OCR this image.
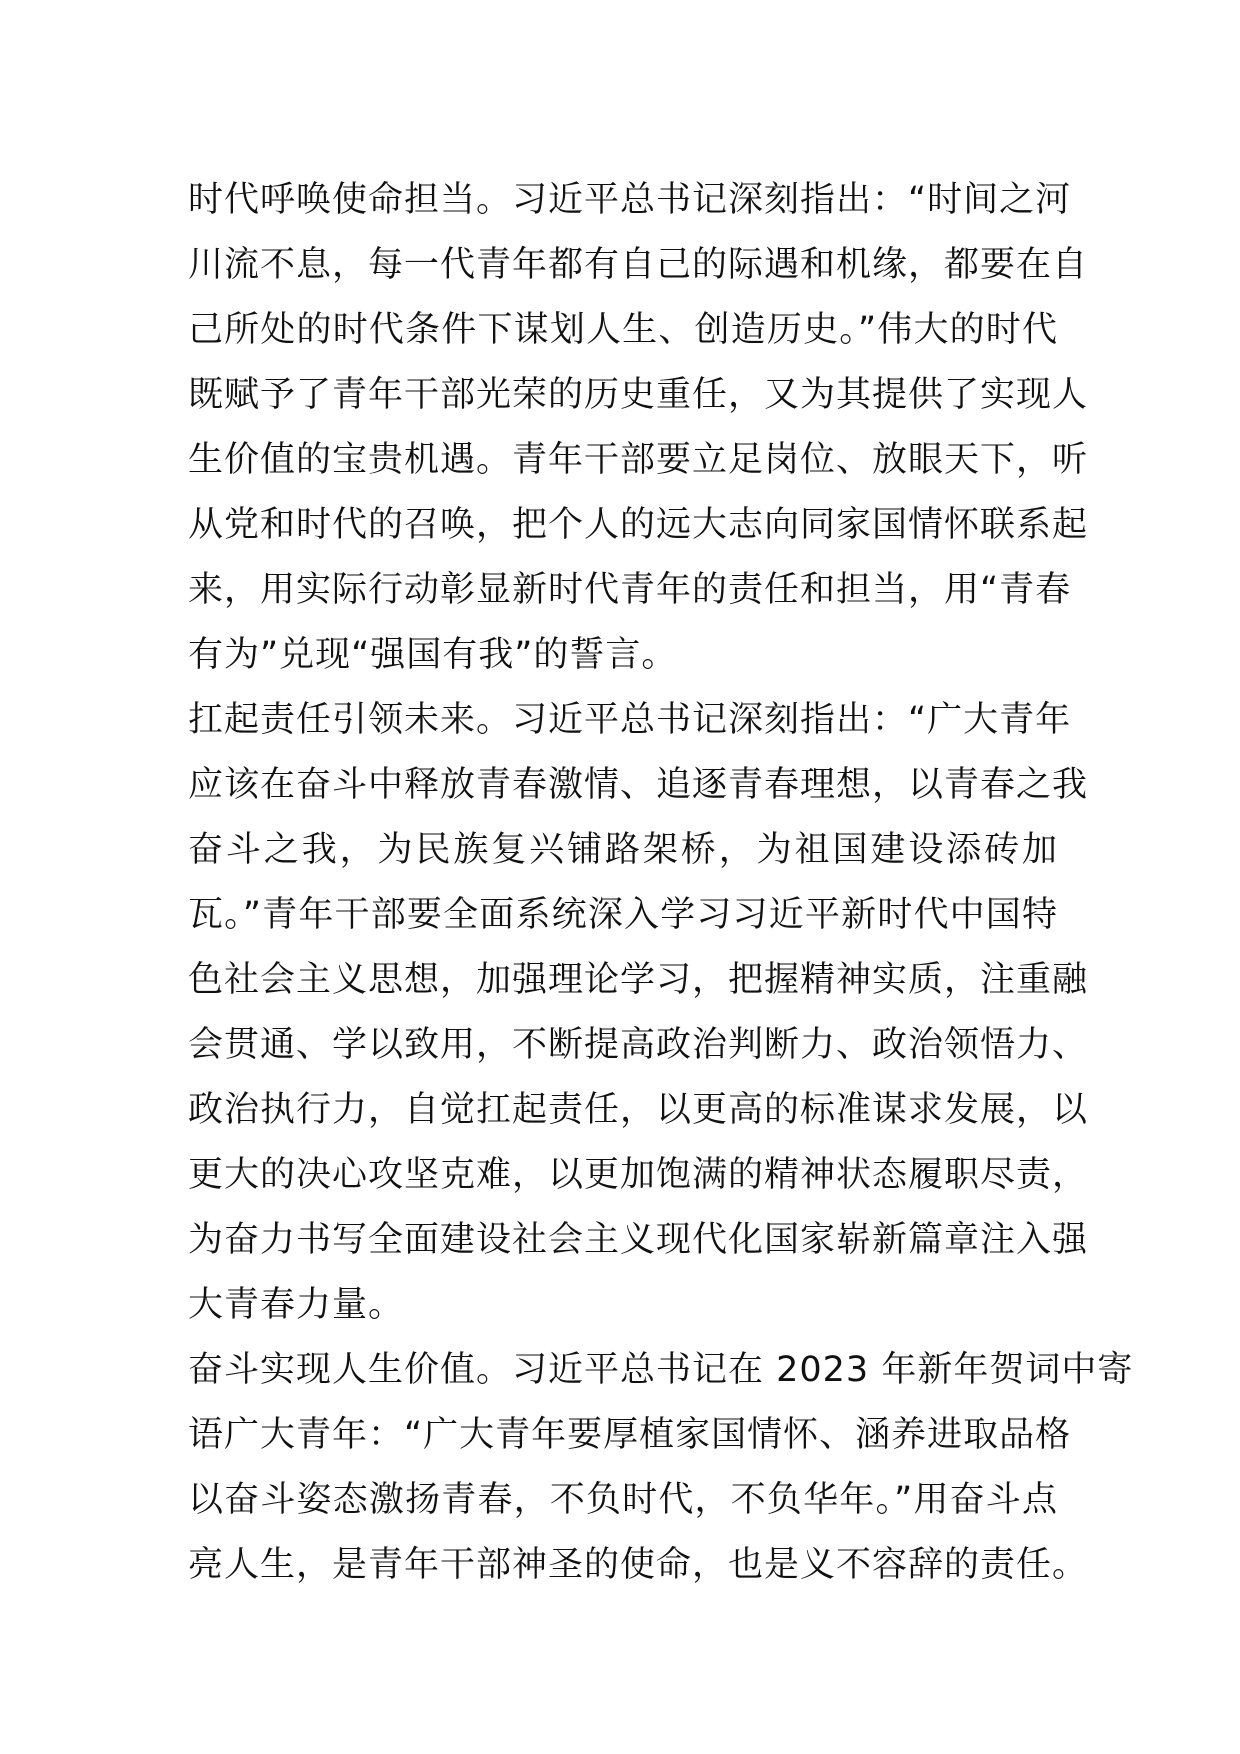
时代呼唤使命担当。习近平总书记深刻指出：“时间之河
川流不息，每一代青年都有自己的际遇和机缘，都要在自
己所处的时代条件下谋划人生、创造历史。”伟大的时代
既赋予了青年干部光荣的历史重任，又为其提供了实现人
生价值的宝贵机遇。青年干部要立足岗位、放眼天下，听
从党和时代的召唤，把个人的远大志向同家国情怀联系起
来，用实际行动彰显新时代青年的责任和担当，用“青春
有为”兑现“强国有我”的誓言。
扛起责任引领未来。习近平总书记深刻指出：“广大青年
应该在奋斗中释放青春激情、追逐青春理想，以青春之我
奋斗之我，为民族复兴铺路架桥，为祖国建设添砖加
瓦。”青年干部要全面系统深入学习习近平新时代中国特
色社会主义思想，加强理论学习，把握精神实质，注重融
会贯通、学以致用，不断提高政治判断力、政治领悟力、
政治执行力，自觉扛起责任，以更高的标准谋求发展，以
更大的决心攻坚克难，以更加饱满的精神状态履职尽责，
为奋力书写全面建设社会主义现代化国家崭新篇章注入强
大青春力量。
奋斗实现人生价值。习近平总书记在 2023 年新年贺词中寄
语广大青年：“广大青年要厚植家国情怀、涵养进取品格
以奋斗姿态激扬青春，不负时代，不负华年。”用奋斗点
亮人生，是青年干部神圣的使命，也是义不容辞的责任。
